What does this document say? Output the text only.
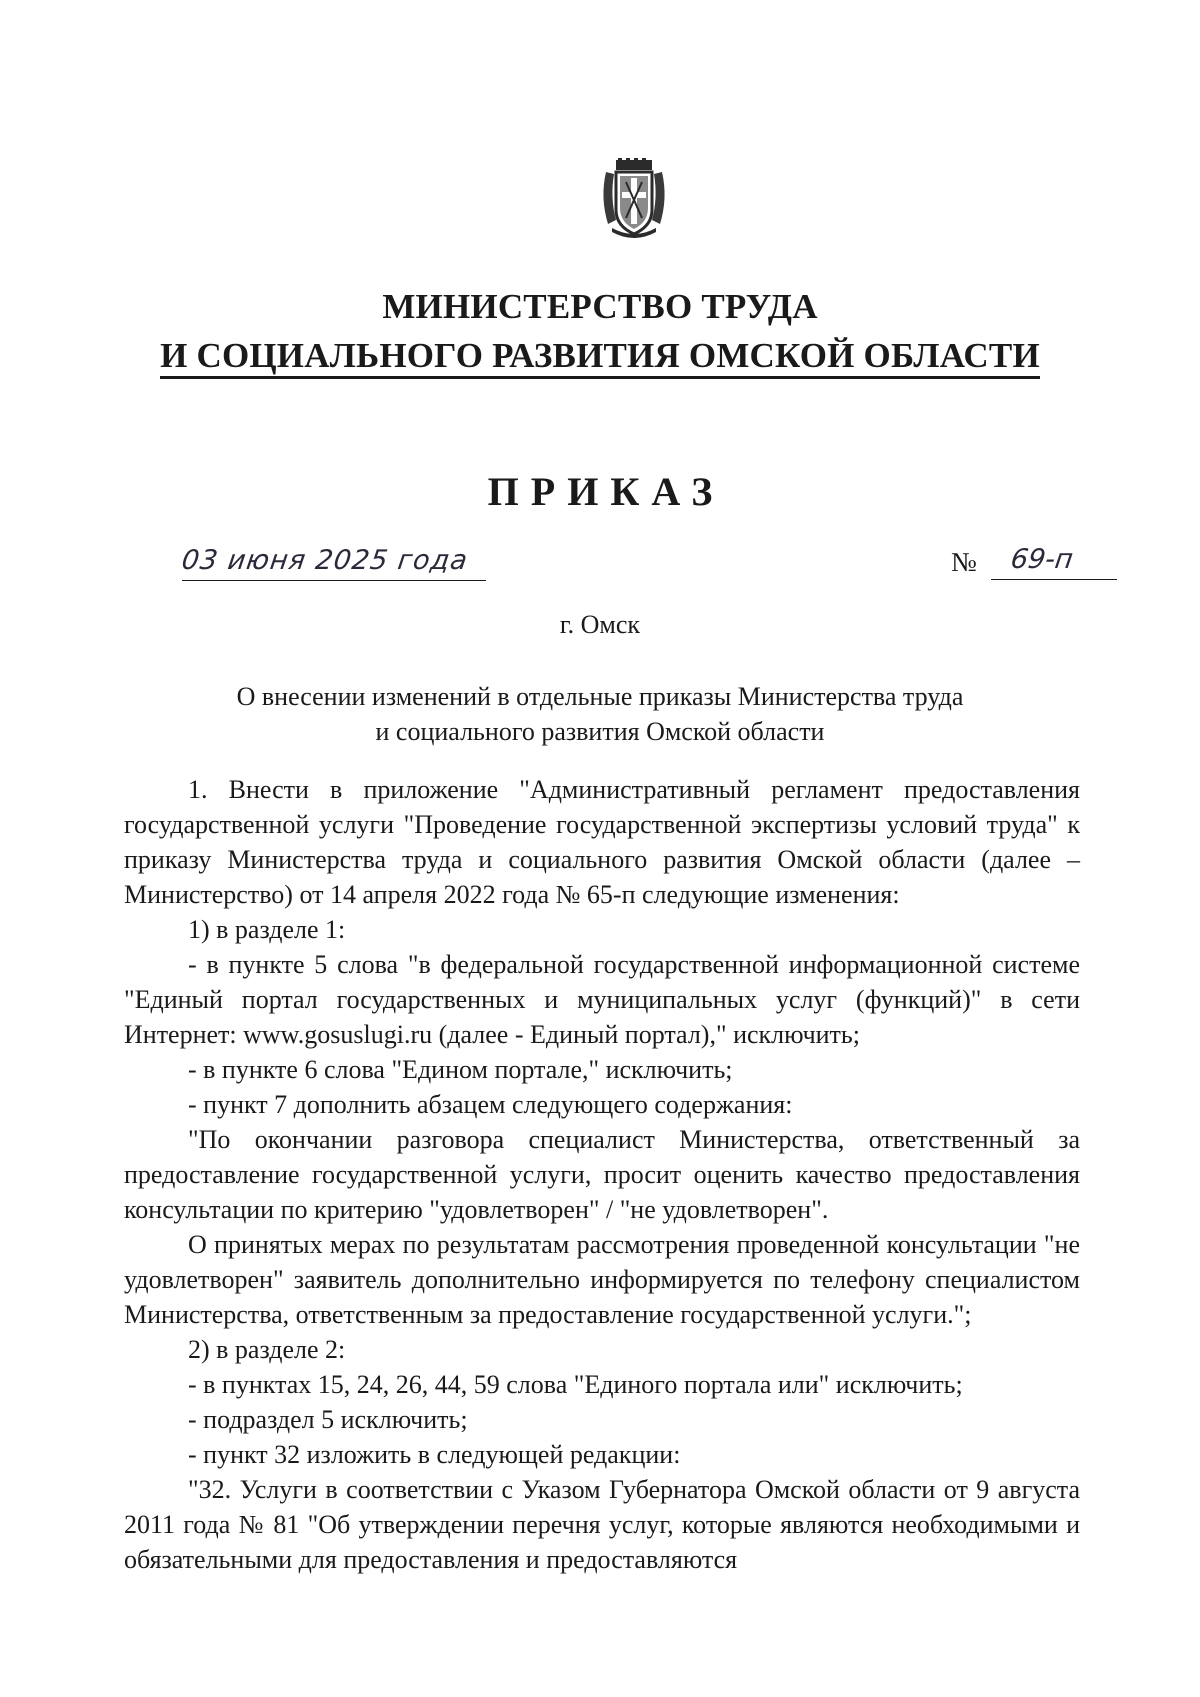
МИНИСТЕРСТВО ТРУДА
И СОЦИАЛЬНОГО РАЗВИТИЯ ОМСКОЙ ОБЛАСТИ
ПРИКАЗ
03 июня 2025 года	№ 69-п
г. Омск
О внесении изменений в отдельные приказы Министерства труда
и социального развития Омской области

1. Внести в приложение "Административный регламент предоставления государственной услуги "Проведение государственной экспертизы условий труда" к приказу Министерства труда и социального развития Омской области (далее – Министерство) от 14 апреля 2022 года № 65-п следующие изменения:

1) в разделе 1:

- в пункте 5 слова "в федеральной государственной информационной системе "Единый портал государственных и муниципальных услуг (функций)" в сети Интернет: www.gosuslugi.ru (далее - Единый портал)," исключить;

- в пункте 6 слова "Едином портале," исключить;

- пункт 7 дополнить абзацем следующего содержания:

"По окончании разговора специалист Министерства, ответственный за предоставление государственной услуги, просит оценить качество предоставления консультации по критерию "удовлетворен" / "не удовлетворен".

О принятых мерах по результатам рассмотрения проведенной консультации "не удовлетворен" заявитель дополнительно информируется по телефону специалистом Министерства, ответственным за предоставление государственной услуги.";

2) в разделе 2:

- в пунктах 15, 24, 26, 44, 59 слова "Единого портала или" исключить;

- подраздел 5 исключить;

- пункт 32 изложить в следующей редакции:

"32. Услуги в соответствии с Указом Губернатора Омской области от 9 августа 2011 года № 81 "Об утверждении перечня услуг, которые являются необходимыми и обязательными для предоставления и предоставляются
